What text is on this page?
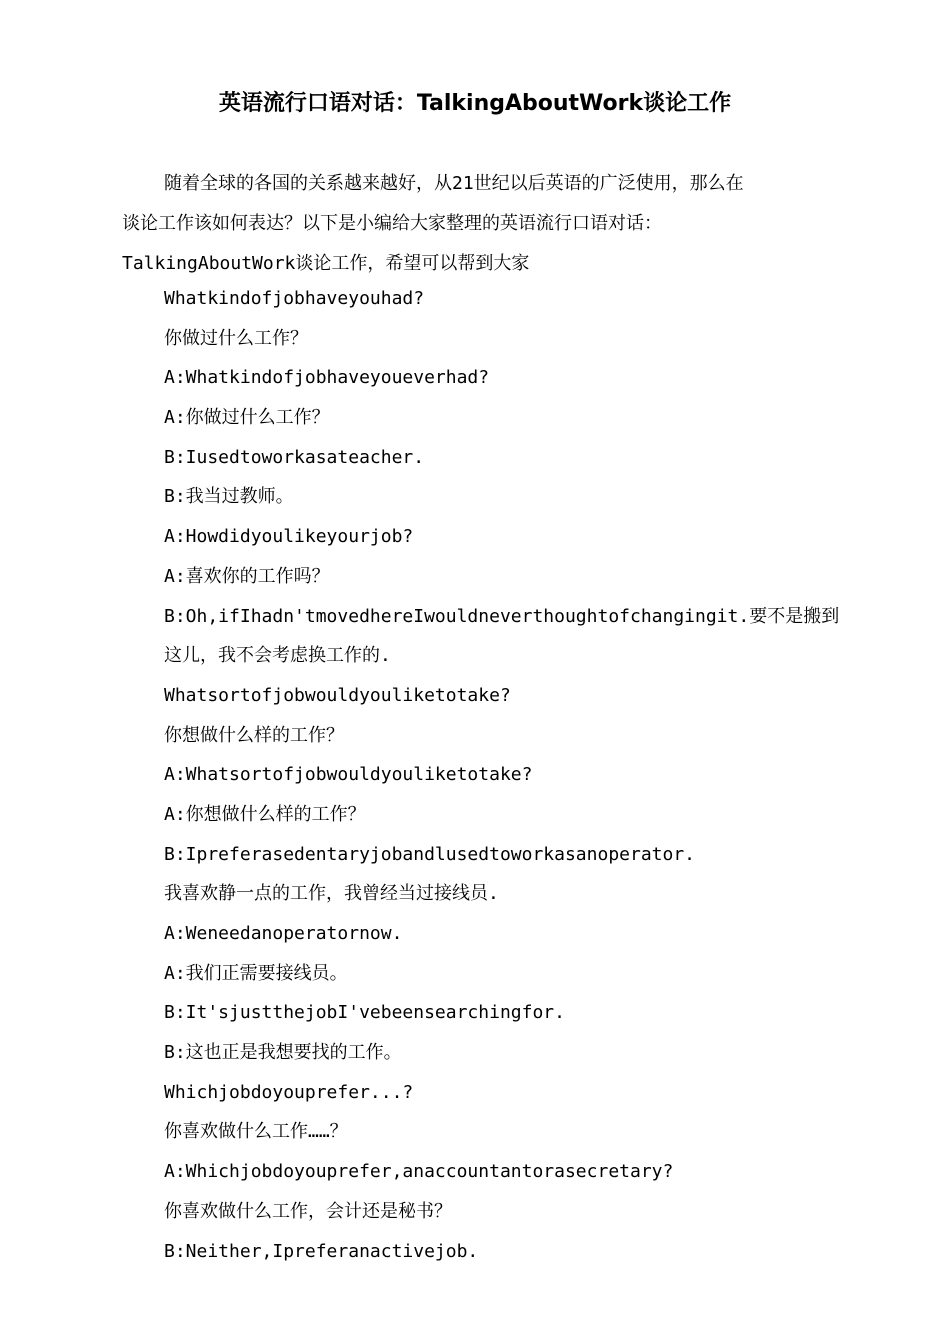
英语流行口语对话：TalkingAboutWork谈论工作
随着全球的各国的关系越来越好，从21世纪以后英语的广泛使用，那么在
谈论工作该如何表达？以下是小编给大家整理的英语流行口语对话：
TalkingAboutWork谈论工作，希望可以帮到大家
Whatkindofjobhaveyouhad?
你做过什么工作？
A:Whatkindofjobhaveyoueverhad?
A:你做过什么工作？
B:Iusedtoworkasateacher.
B:我当过教师。
A:Howdidyoulikeyourjob?
A:喜欢你的工作吗？
B:Oh,ifIhadn'tmovedhereIwouldneverthoughtofchangingit.要不是搬到
这儿，我不会考虑换工作的.
Whatsortofjobwouldyouliketotake?
你想做什么样的工作？
A:Whatsortofjobwouldyouliketotake?
A:你想做什么样的工作？
B:Ipreferasedentaryjobandlusedtoworkasanoperator.
我喜欢静一点的工作，我曾经当过接线员.
A:Weneedanoperatornow.
A:我们正需要接线员。
B:It'sjustthejobI'vebeensearchingfor.
B:这也正是我想要找的工作。
Whichjobdoyouprefer...?
你喜欢做什么工作……？
A:Whichjobdoyouprefer,anaccountantorasecretary?
你喜欢做什么工作，会计还是秘书？
B:Neither,Ipreferanactivejob.
